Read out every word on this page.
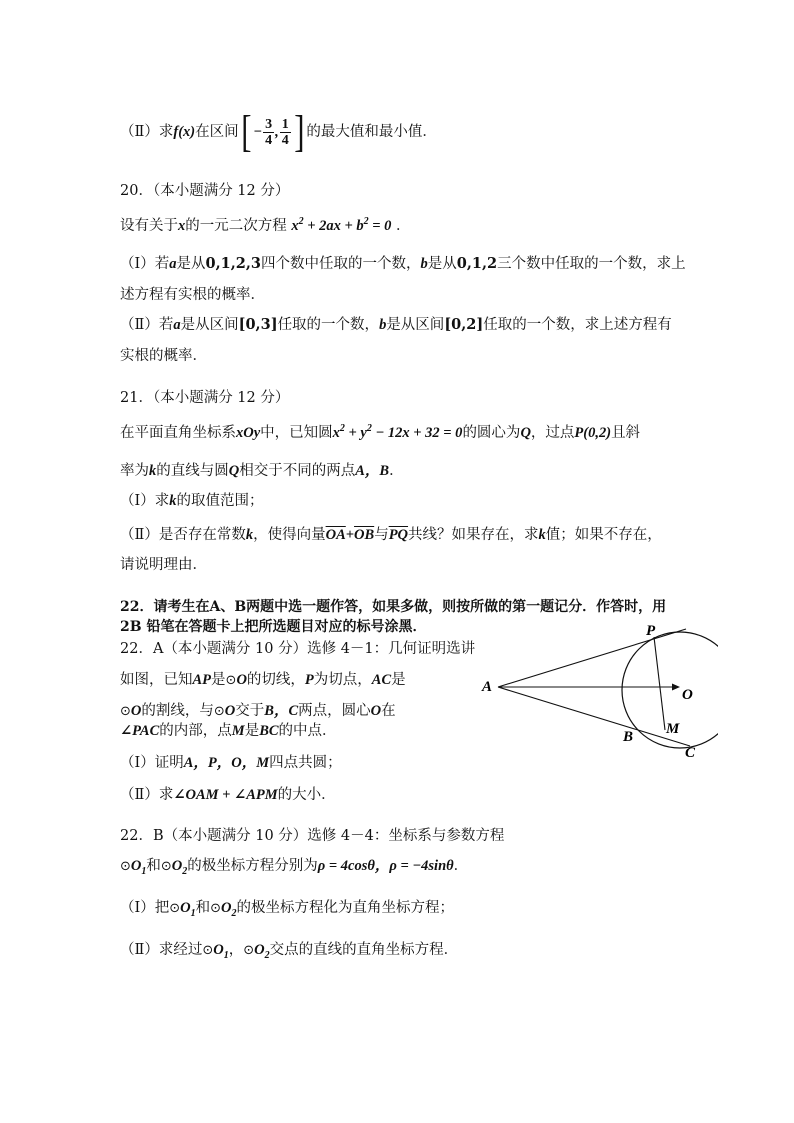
（Ⅱ）求f(x)在区间[ − $\frac{3}{4}$ , $\frac{1}{4}$ ] 的最大值和最小值．
20．（本小题满分 12 分）
设有关于x的一元二次方程 $x^2 + 2ax + b^2 = 0$ ．
（Ⅰ）若a是从0,1,2,3四个数中任取的一个数，b是从0,1,2三个数中任取的一个数，求上
述方程有实根的概率．
（Ⅱ）若a是从区间[0,3]任取的一个数，b是从区间[0,2]任取的一个数，求上述方程有
实根的概率．
21．（本小题满分 12 分）
在平面直角坐标系xOy中，已知圆$x^2 + y^2 - 12x + 32 = 0$的圆心为Q，过点P(0,2)且斜
率为k的直线与圆Q相交于不同的两点A，B．
（Ⅰ）求k的取值范围；
（Ⅱ）是否存在常数k，使得向量$\overline{OA}+\overline{OB}$与$\overline{PQ}$共线？如果存在，求k值；如果不存在，
请说明理由．
22．请考生在A、B两题中选一题作答，如果多做，则按所做的第一题记分．作答时，用
2B 铅笔在答题卡上把所选题目对应的标号涂黑．
22．A（本小题满分 10 分）选修 4－1：几何证明选讲
如图，已知AP是⊙O的切线，P为切点，AC是
⊙O的割线，与⊙O交于B，C两点，圆心O在
∠PAC的内部，点M是BC的中点．
（Ⅰ）证明A，P，O，M四点共圆；
（Ⅱ）求∠OAM + ∠APM的大小．
P
A	O
M
B
C
22．B（本小题满分 10 分）选修 4－4：坐标系与参数方程
$⊙O_1$和$⊙O_2$的极坐标方程分别为ρ = 4cosθ，ρ = −4sinθ．
（Ⅰ）把$⊙O_1$和$⊙O_2$的极坐标方程化为直角坐标方程；
（Ⅱ）求经过$⊙O_1$，$⊙O_2$交点的直线的直角坐标方程．
